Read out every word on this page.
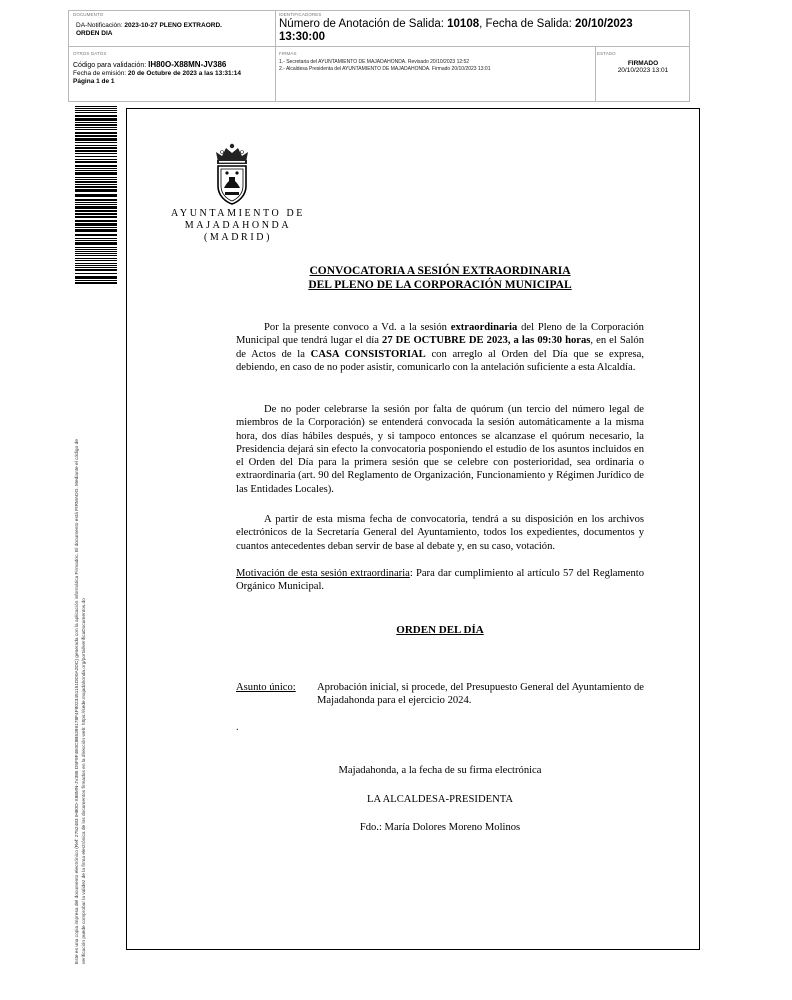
DOCUMENTO
DA-Notificación: 2023-10-27 PLENO EXTRAORD.
ORDEN DIA
IDENTIFICADORES
Número de Anotación de Salida: 10108, Fecha de Salida: 20/10/2023
13:30:00
OTROS DATOS
Código para validación: IH80O-X88MN-JV386
Fecha de emisión: 20 de Octubre de 2023 a las 13:31:14
Página 1 de 1
FIRMAS
1.- Secretaria del AYUNTAMIENTO DE MAJADAHONDA. Revisado 20/10/2023 12:52
2.- Alcaldesa Presidenta del AYUNTAMIENTO DE MAJADAHONDA. Firmado 20/10/2023 13:01
ESTADO
FIRMADO
20/10/2023 13:01
Este es una copia impresa del documento electrónico (Ref: 2752483 IH80O-X88MN-JV386 D5F9F4E0C8B5399178F4F8023451151DD0A2DC) generada con la aplicación informática Firmadoc. El documento está FIRMADO. Mediante el código de verificación puede comprobar la validez de la firma electrónica de los documentos firmados en la dirección web: https://sede.majadahonda.org/portal/verificaDocumentos.do
AYUNTAMIENTO DE
MAJADAHONDA
(MADRID)
CONVOCATORIA A SESIÓN EXTRAORDINARIA
DEL PLENO DE LA CORPORACIÓN MUNICIPAL
Por la presente convoco a Vd. a la sesión extraordinaria del Pleno de la Corporación Municipal que tendrá lugar el día 27 DE OCTUBRE DE 2023, a las 09:30 horas, en el Salón de Actos de la CASA CONSISTORIAL con arreglo al Orden del Día que se expresa, debiendo, en caso de no poder asistir, comunicarlo con la antelación suficiente a esta Alcaldía.
De no poder celebrarse la sesión por falta de quórum (un tercio del número legal de miembros de la Corporación) se entenderá convocada la sesión automáticamente a la misma hora, dos días hábiles después, y si tampoco entonces se alcanzase el quórum necesario, la Presidencia dejará sin efecto la convocatoria posponiendo el estudio de los asuntos incluidos en el Orden del Día para la primera sesión que se celebre con posterioridad, sea ordinaria o extraordinaria (art. 90 del Reglamento de Organización, Funcionamiento y Régimen Jurídico de las Entidades Locales).
A partir de esta misma fecha de convocatoria, tendrá a su disposición en los archivos electrónicos de la Secretaría General del Ayuntamiento, todos los expedientes, documentos y cuantos antecedentes deban servir de base al debate y, en su caso, votación.
Motivación de esta sesión extraordinaria: Para dar cumplimiento al artículo 57 del Reglamento Orgánico Municipal.
ORDEN DEL DÍA
Asunto único: Aprobación inicial, si procede, del Presupuesto General del Ayuntamiento de Majadahonda para el ejercicio 2024.
.
Majadahonda, a la fecha de su firma electrónica
LA ALCALDESA-PRESIDENTA
Fdo.: María Dolores Moreno Molinos
